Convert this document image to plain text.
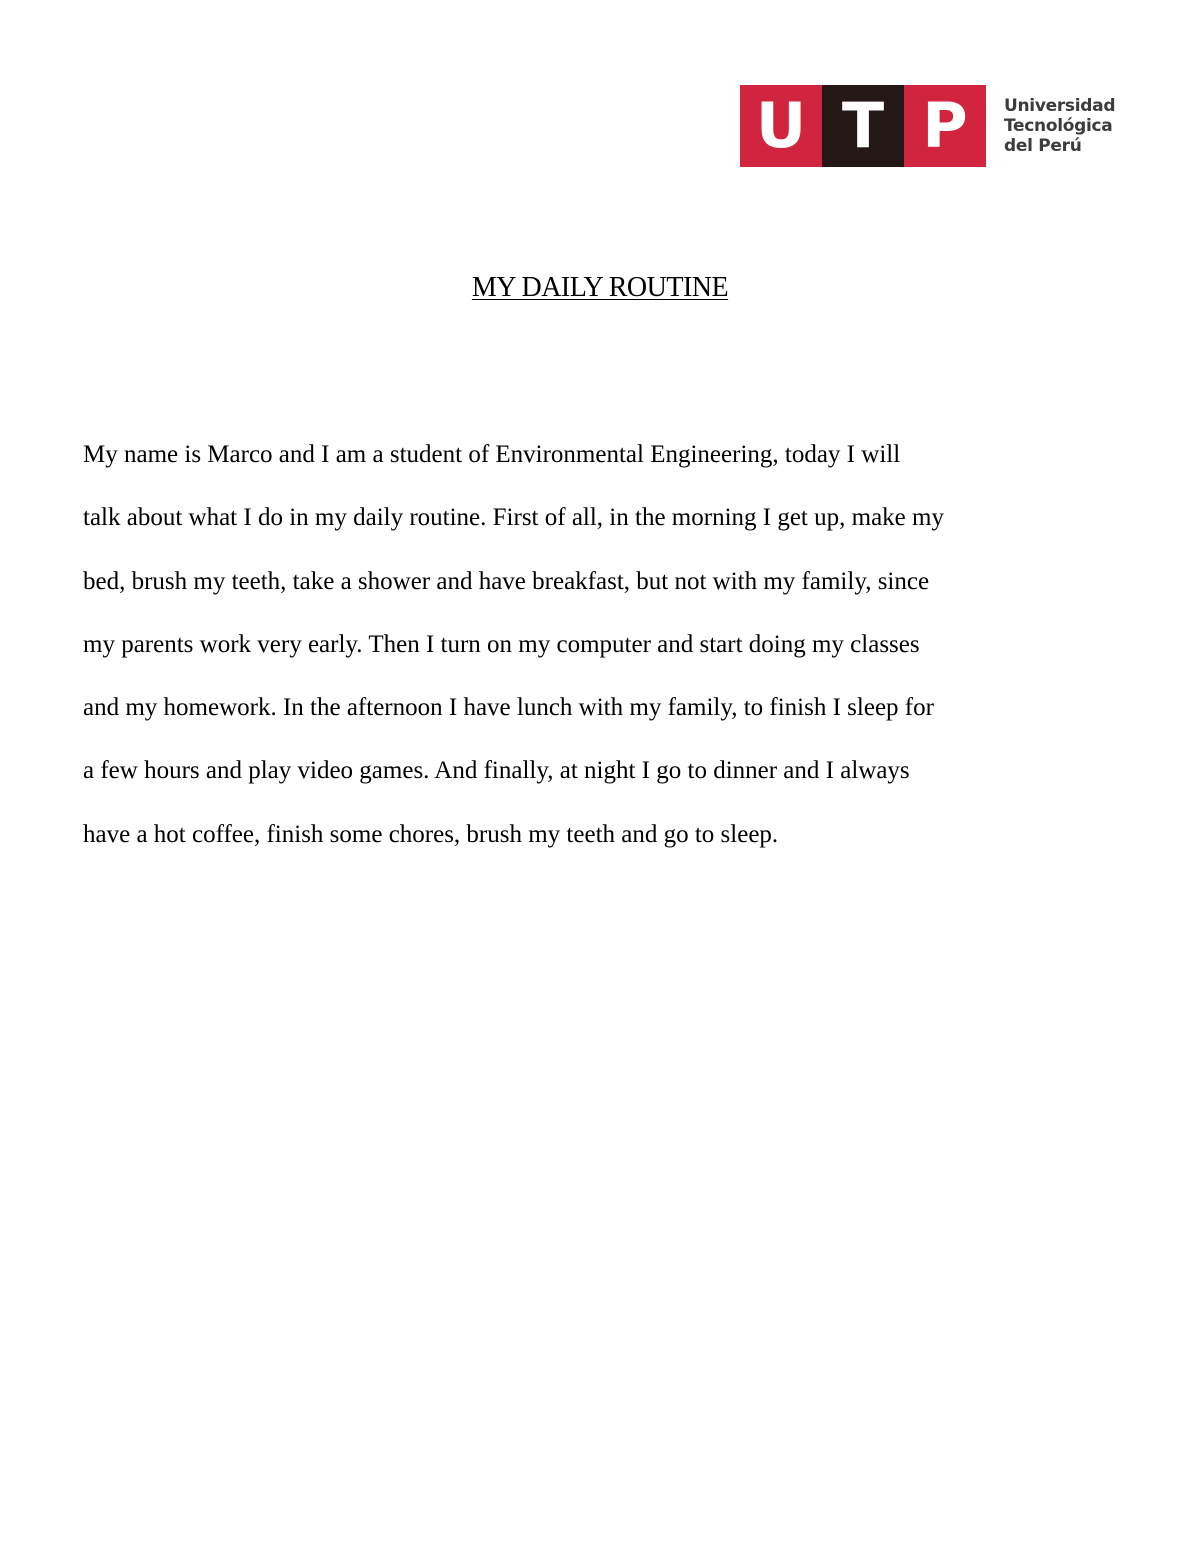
U T P	Universidad
Tecnológica
del Perú
MY DAILY ROUTINE
My name is Marco and I am a student of Environmental Engineering, today I will
talk about what I do in my daily routine. First of all, in the morning I get up, make my
bed, brush my teeth, take a shower and have breakfast, but not with my family, since
my parents work very early. Then I turn on my computer and start doing my classes
and my homework. In the afternoon I have lunch with my family, to finish I sleep for
a few hours and play video games. And finally, at night I go to dinner and I always
have a hot coffee, finish some chores, brush my teeth and go to sleep.
